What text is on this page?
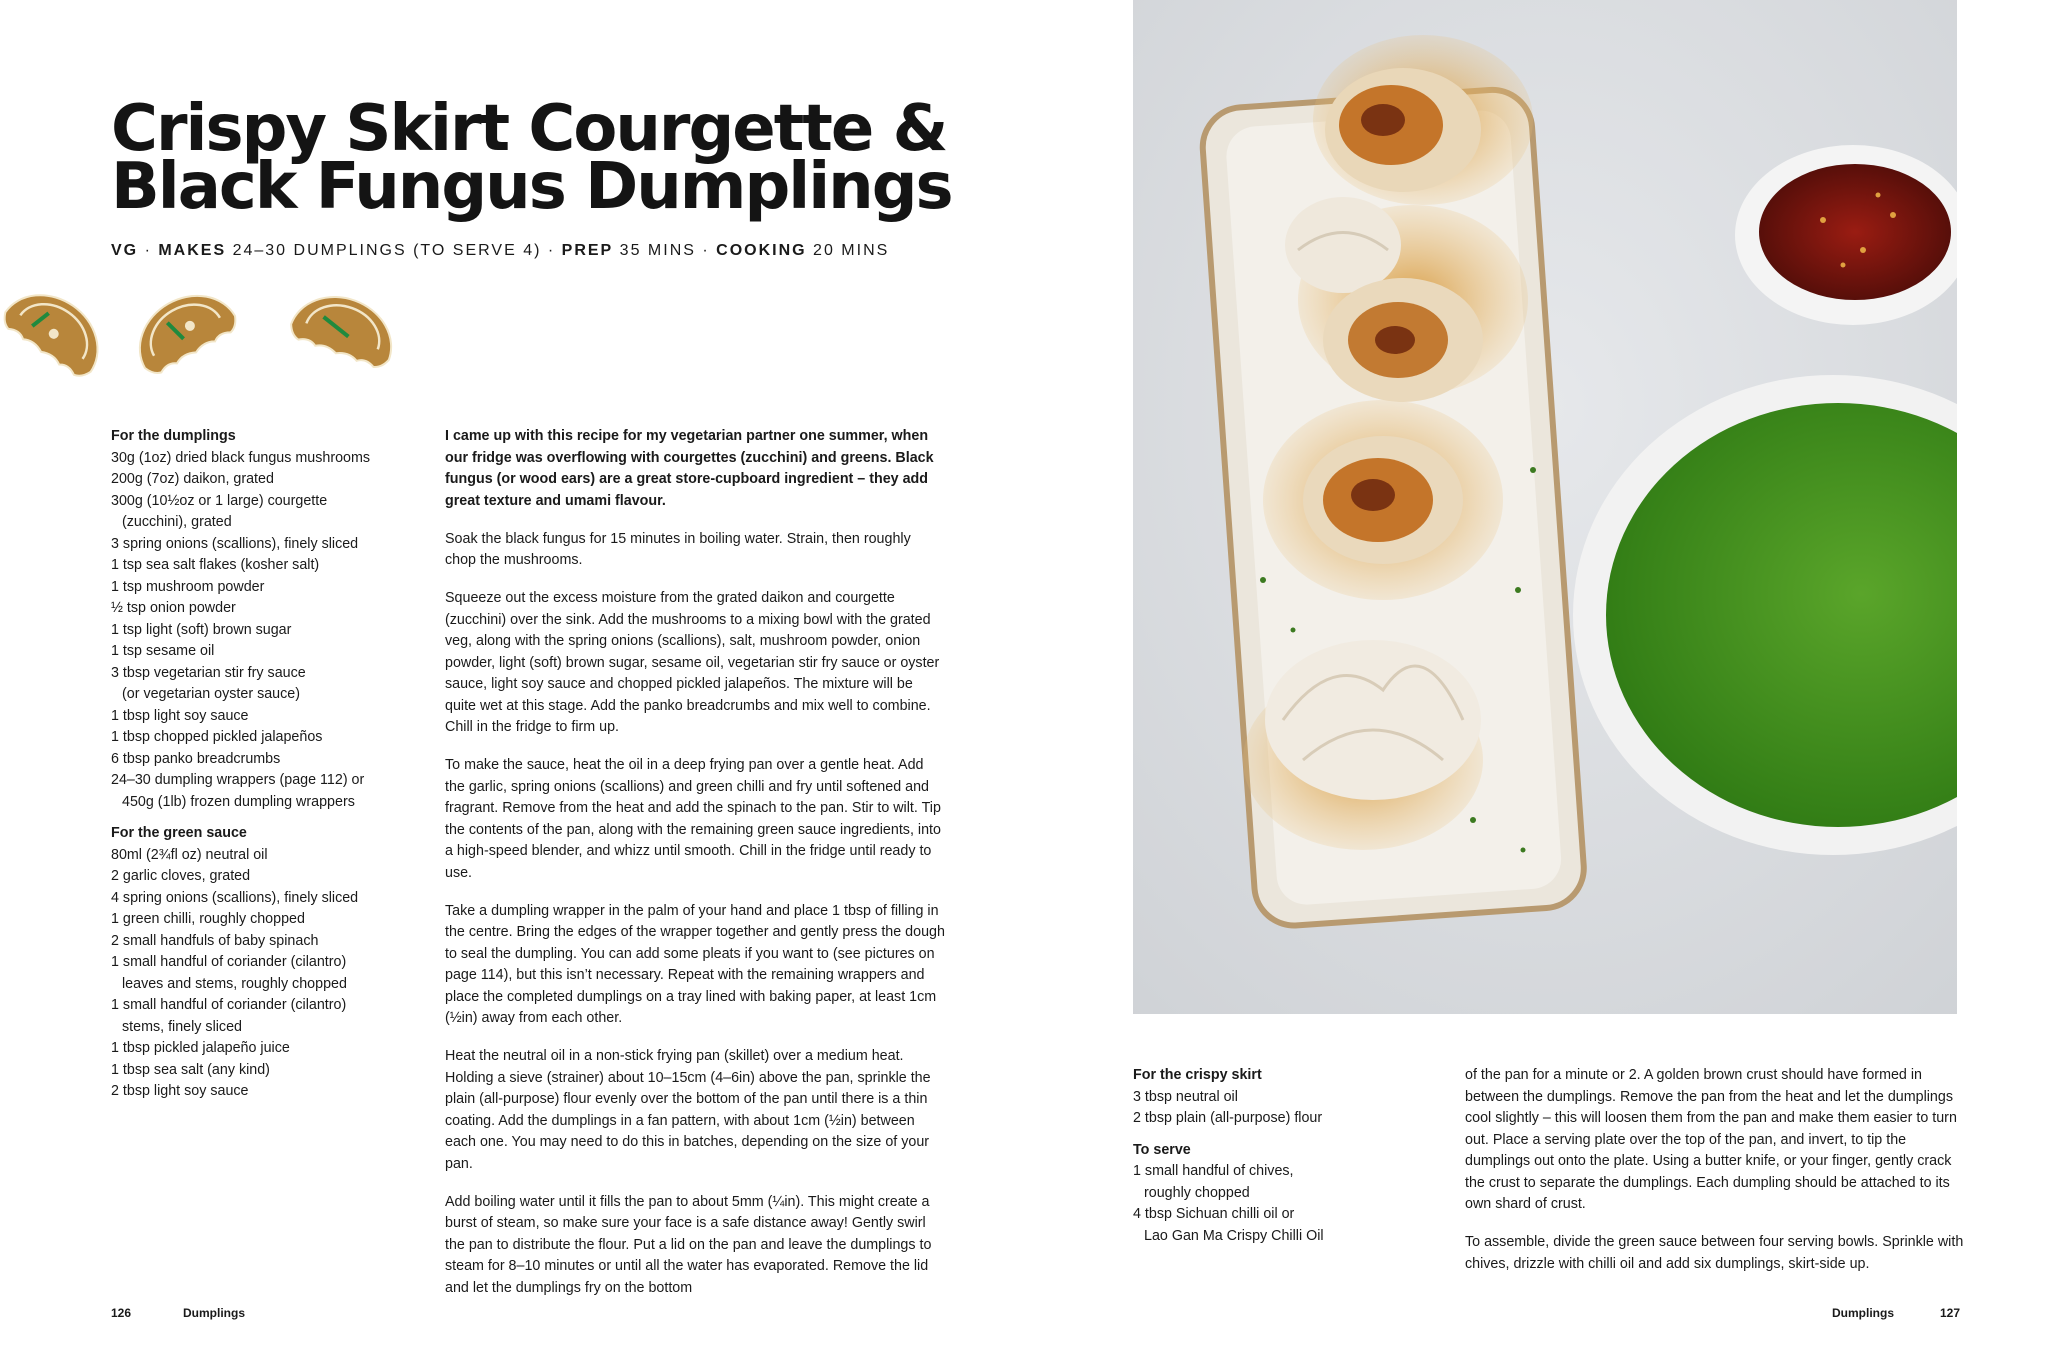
Crispy Skirt Courgette & Black Fungus Dumplings
VG · MAKES 24–30 DUMPLINGS (TO SERVE 4) · PREP 35 MINS · COOKING 20 MINS
For the dumplings
30g (1oz) dried black fungus mushrooms
200g (7oz) daikon, grated
300g (10½oz or 1 large) courgette
(zucchini), grated
3 spring onions (scallions), finely sliced
1 tsp sea salt flakes (kosher salt)
1 tsp mushroom powder
½ tsp onion powder
1 tsp light (soft) brown sugar
1 tsp sesame oil
3 tbsp vegetarian stir fry sauce
(or vegetarian oyster sauce)
1 tbsp light soy sauce
1 tbsp chopped pickled jalapeños
6 tbsp panko breadcrumbs
24–30 dumpling wrappers (page 112) or
450g (1lb) frozen dumpling wrappers
For the green sauce
80ml (2¾fl oz) neutral oil
2 garlic cloves, grated
4 spring onions (scallions), finely sliced
1 green chilli, roughly chopped
2 small handfuls of baby spinach
1 small handful of coriander (cilantro)
leaves and stems, roughly chopped
1 small handful of coriander (cilantro)
stems, finely sliced
1 tbsp pickled jalapeño juice
1 tbsp sea salt (any kind)
2 tbsp light soy sauce

I came up with this recipe for my vegetarian partner one summer, when our fridge was overflowing with courgettes (zucchini) and greens. Black fungus (or wood ears) are a great store-cupboard ingredient – they add great texture and umami flavour.

Soak the black fungus for 15 minutes in boiling water. Strain, then roughly chop the mushrooms.

Squeeze out the excess moisture from the grated daikon and courgette (zucchini) over the sink. Add the mushrooms to a mixing bowl with the grated veg, along with the spring onions (scallions), salt, mushroom powder, onion powder, light (soft) brown sugar, sesame oil, vegetarian stir fry sauce or oyster sauce, light soy sauce and chopped pickled jalapeños. The mixture will be quite wet at this stage. Add the panko breadcrumbs and mix well to combine. Chill in the fridge to firm up.

To make the sauce, heat the oil in a deep frying pan over a gentle heat. Add the garlic, spring onions (scallions) and green chilli and fry until softened and fragrant. Remove from the heat and add the spinach to the pan. Stir to wilt. Tip the contents of the pan, along with the remaining green sauce ingredients, into a high-speed blender, and whizz until smooth. Chill in the fridge until ready to use.

Take a dumpling wrapper in the palm of your hand and place 1 tbsp of filling in the centre. Bring the edges of the wrapper together and gently press the dough to seal the dumpling. You can add some pleats if you want to (see pictures on page 114), but this isn’t necessary. Repeat with the remaining wrappers and place the completed dumplings on a tray lined with baking paper, at least 1cm (½in) away from each other.

Heat the neutral oil in a non-stick frying pan (skillet) over a medium heat. Holding a sieve (strainer) about 10–15cm (4–6in) above the pan, sprinkle the plain (all-purpose) flour evenly over the bottom of the pan until there is a thin coating. Add the dumplings in a fan pattern, with about 1cm (½in) between each one. You may need to do this in batches, depending on the size of your pan.

Add boiling water until it fills the pan to about 5mm (¼in). This might create a burst of steam, so make sure your face is a safe distance away! Gently swirl the pan to distribute the flour. Put a lid on the pan and leave the dumplings to steam for 8–10 minutes or until all the water has evaporated. Remove the lid and let the dumplings fry on the bottom

126	Dumplings
For the crispy skirt
3 tbsp neutral oil
2 tbsp plain (all-purpose) flour
To serve
1 small handful of chives,
roughly chopped
4 tbsp Sichuan chilli oil or
Lao Gan Ma Crispy Chilli Oil

of the pan for a minute or 2. A golden brown crust should have formed in between the dumplings. Remove the pan from the heat and let the dumplings cool slightly – this will loosen them from the pan and make them easier to turn out. Place a serving plate over the top of the pan, and invert, to tip the dumplings out onto the plate. Using a butter knife, or your finger, gently crack the crust to separate the dumplings. Each dumpling should be attached to its own shard of crust.

To assemble, divide the green sauce between four serving bowls. Sprinkle with chives, drizzle with chilli oil and add six dumplings, skirt-side up.

Dumplings	127
